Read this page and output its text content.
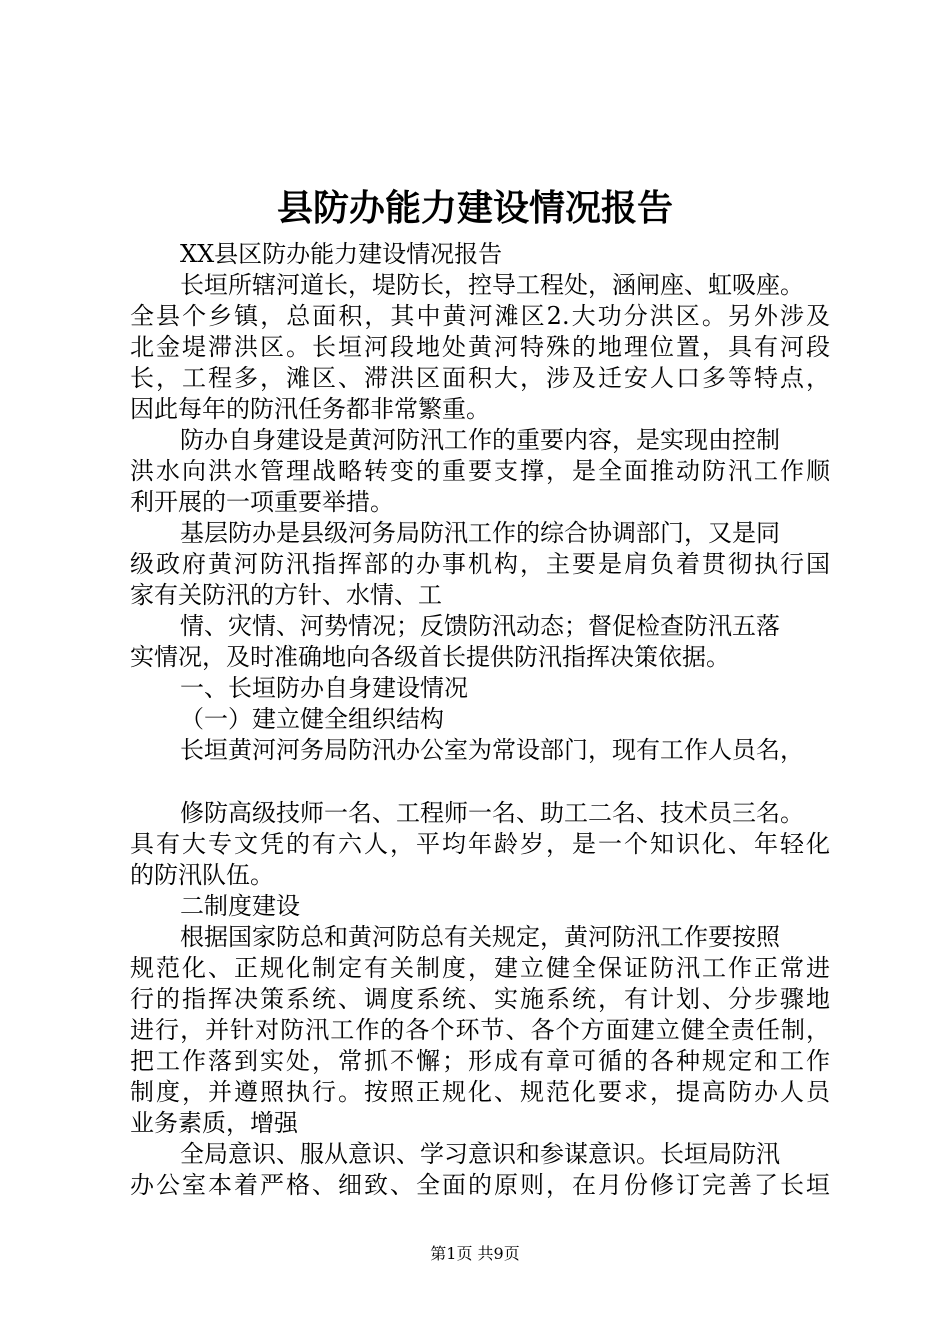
县防办能力建设情况报告
XX县区防办能力建设情况报告
长垣所辖河道长，堤防长，控导工程处，涵闸座、虹吸座。
全县个乡镇，总面积，其中黄河滩区2.大功分洪区。另外涉及
北金堤滞洪区。长垣河段地处黄河特殊的地理位置，具有河段
长，工程多，滩区、滞洪区面积大，涉及迁安人口多等特点，
因此每年的防汛任务都非常繁重。
防办自身建设是黄河防汛工作的重要内容，是实现由控制
洪水向洪水管理战略转变的重要支撑，是全面推动防汛工作顺
利开展的一项重要举措。
基层防办是县级河务局防汛工作的综合协调部门，又是同
级政府黄河防汛指挥部的办事机构，主要是肩负着贯彻执行国
家有关防汛的方针、水情、工
情、灾情、河势情况；反馈防汛动态；督促检查防汛五落
实情况，及时准确地向各级首长提供防汛指挥决策依据。
一、长垣防办自身建设情况
（一）建立健全组织结构
长垣黄河河务局防汛办公室为常设部门，现有工作人员名，
修防高级技师一名、工程师一名、助工二名、技术员三名。
具有大专文凭的有六人，平均年龄岁，是一个知识化、年轻化
的防汛队伍。
二制度建设
根据国家防总和黄河防总有关规定，黄河防汛工作要按照
规范化、正规化制定有关制度，建立健全保证防汛工作正常进
行的指挥决策系统、调度系统、实施系统，有计划、分步骤地
进行，并针对防汛工作的各个环节、各个方面建立健全责任制，
把工作落到实处，常抓不懈；形成有章可循的各种规定和工作
制度，并遵照执行。按照正规化、规范化要求，提高防办人员
业务素质，增强
全局意识、服从意识、学习意识和参谋意识。长垣局防汛
办公室本着严格、细致、全面的原则，在月份修订完善了长垣
第1页 共9页
